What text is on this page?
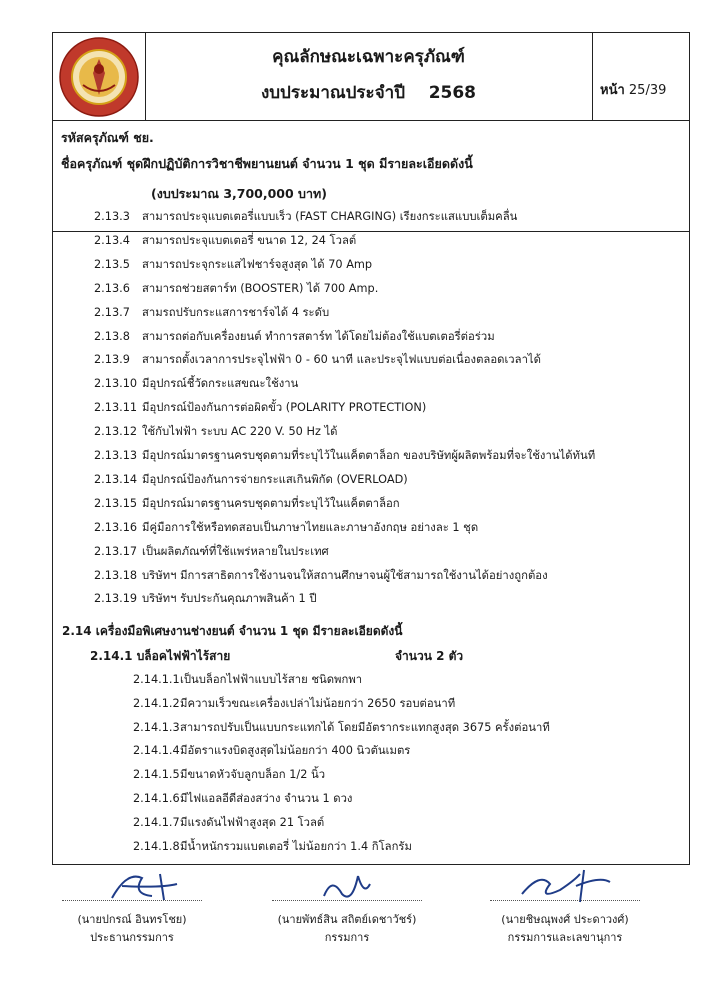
คุณลักษณะเฉพาะครุภัณฑ์
งบประมาณประจำปี 2568	หน้า 25/39
รหัสครุภัณฑ์ ชย.
ชื่อครุภัณฑ์ ชุดฝึกปฏิบัติการวิชาชีพยานยนต์ จำนวน 1 ชุด มีรายละเอียดดังนี้
(งบประมาณ 3,700,000 บาท)
2.13.3 สามารถประจุแบตเตอรี่แบบเร็ว (FAST CHARGING) เรียงกระแสแบบเต็มคลื่น
2.13.4 สามารถประจุแบตเตอรี่ ขนาด 12, 24 โวลต์
2.13.5 สามารถประจุกระแสไฟชาร์จสูงสุด ได้ 70 Amp
2.13.6 สามารถช่วยสตาร์ท (BOOSTER) ได้ 700 Amp.
2.13.7 สามรถปรับกระแสการชาร์จได้ 4 ระดับ
2.13.8 สามารถต่อกับเครื่องยนต์ ทำการสตาร์ท ได้โดยไม่ต้องใช้แบตเตอรี่ต่อร่วม
2.13.9 สามารถตั้งเวลาการประจุไฟฟ้า 0 - 60 นาที และประจุไฟแบบต่อเนื่องตลอดเวลาได้
2.13.10 มีอุปกรณ์ชี้วัดกระแสขณะใช้งาน
2.13.11 มีอุปกรณ์ป้องกันการต่อผิดขั้ว (POLARITY PROTECTION)
2.13.12 ใช้กับไฟฟ้า ระบบ AC 220 V. 50 Hz ได้
2.13.13 มีอุปกรณ์มาตรฐานครบชุดตามที่ระบุไว้ในแค็ตตาล็อก ของบริษัทผู้ผลิตพร้อมที่จะใช้งานได้ทันที
2.13.14 มีอุปกรณ์ป้องกันการจ่ายกระแสเกินพิกัด (OVERLOAD)
2.13.15 มีอุปกรณ์มาตรฐานครบชุดตามที่ระบุไว้ในแค็ตตาล็อก
2.13.16 มีคู่มือการใช้หรือทดสอบเป็นภาษาไทยและภาษาอังกฤษ อย่างละ 1 ชุด
2.13.17 เป็นผลิตภัณฑ์ที่ใช้แพร่หลายในประเทศ
2.13.18 บริษัทฯ มีการสาธิตการใช้งานจนให้สถานศึกษาจนผู้ใช้สามารถใช้งานได้อย่างถูกต้อง
2.13.19 บริษัทฯ รับประกันคุณภาพสินค้า 1 ปี
2.14 เครื่องมือพิเศษงานช่างยนต์ จำนวน 1 ชุด มีรายละเอียดดังนี้
2.14.1 บล็อคไฟฟ้าไร้สาย	จำนวน 2 ตัว
2.14.1.1เป็นบล็อกไฟฟ้าแบบไร้สาย ชนิดพกพา
2.14.1.2มีความเร็วขณะเครื่องเปล่าไม่น้อยกว่า 2650 รอบต่อนาที
2.14.1.3สามารถปรับเป็นแบบกระแทกได้ โดยมีอัตรากระแทกสูงสุด 3675 ครั้งต่อนาที
2.14.1.4มีอัตราแรงบิดสูงสุดไม่น้อยกว่า 400 นิวตันเมตร
2.14.1.5มีขนาดหัวจับลูกบล็อก 1/2 นิ้ว
2.14.1.6มีไฟแอลอีดีส่องสว่าง จำนวน 1 ดวง
2.14.1.7มีแรงดันไฟฟ้าสูงสุด 21 โวลต์
2.14.1.8มีน้ำหนักรวมแบตเตอรี่ ไม่น้อยกว่า 1.4 กิโลกรัม
(นายปกรณ์ อินทรโชย)
ประธานกรรมการ
(นายพัทธ์สิน สถิตย์เดชาวัชร์)
กรรมการ
(นายชิษณุพงศ์ ประดาวงศ์)
กรรมการและเลขานุการ
